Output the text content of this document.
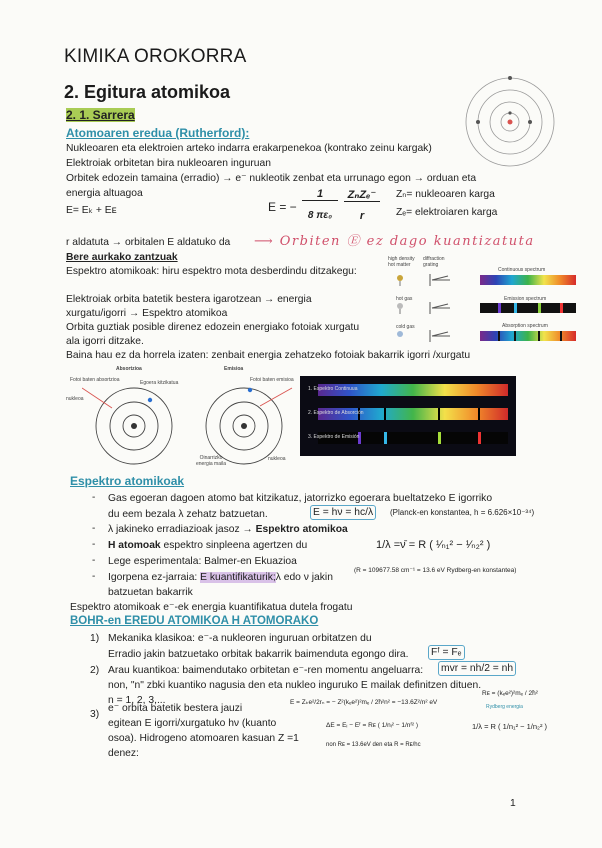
KIMIKA OROKORRA
2. Egitura atomikoa
2. 1. Sarrera
Atomoaren eredua (Rutherford):
Nukleoaren eta elektroien arteko indarra erakarpenekoa (kontrako zeinu kargak)
Elektroiak orbitetan bira nukleoaren inguruan
Orbitek edozein tamaina (erradio) → e⁻ nukleotik zenbat eta urrunago egon → orduan eta
energia altuagoa
E= Eₖ + Eᴇ	E = −
1
8 πε₀
ZₙZₑ⁻
r
Zₙ= nukleoaren karga
Zₑ= elektroiaren karga
r aldatuta → orbitalen E aldatuko da ⟶ Orbiten Ⓔ ez dago kuantizatuta
Bere aurkako zantzuak
Espektro atomikoak: hiru espektro mota desberdindu ditzakegu:
high density hot matter
diffraction grating
Continuous spectrum
hot gas	Emission spectrum
cold gas	Absorption spectrum
Elektroiak orbita batetik bestera igarotzean → energia
xurgatu/igorri → Espektro atomikoa
Orbita guztiak posible direnez edozein energiako fotoiak xurgatu
ala igorri ditzake.
Baina hau ez da horrela izaten: zenbait energia zehatzeko fotoiak bakarrik igorri /xurgatu
Absortzioa	Emisioa
Fotoi baten absortzioa	Egoera kitzikatua	Fotoi baten emisioa
nukleoa
Oinarrizko energia maila
nukleoa
1. Espektro Continuua
2. Espektro de Absorción
3. Espektro de Emisión
Espektro atomikoak
- Gas egoeran dagoen atomo bat kitzikatuz, jatorrizko egoerara bueltatzeko E igorriko
du eem bezala λ zehatz batzuetan.	E = hν = hc/λ	(Planck-en konstantea, h = 6.626×10⁻³⁴)
- λ jakineko erradiazioak jasoz → Espektro atomikoa
- H atomoak espektro sinpleena agertzen du	1/λ =ν̄ = R ( ¹⁄ₙ₁² − ¹⁄ₙ₂² )
- Lege esperimentala: Balmer-en Ekuazioa
- Igorpena ez-jarraia: E kuantifikaturik;λ edo ν jakin
(R = 109677.58 cm⁻¹ = 13.6 eV Rydberg-en konstantea)
batzuetan bakarrik
Espektro atomikoak e⁻-ek energia kuantifikatua dutela frogatu
BOHR-en EREDU ATOMIKOA H ATOMORAKO
1) Mekanika klasikoa: e⁻-a nukleoren inguruan orbitatzen du
Erradio jakin batzuetako orbitak bakarrik baimenduta egongo dira. Fᶠ = Fₑ
2) Arau kuantikoa: baimendutako orbitetan e⁻-ren momentu angeluarra: mvr = nh/2 = nh
non, "n" zbki kuantiko nagusia den eta nukleo inguruko E mailak definitzen dituen.
n = 1, 2, 3,...
3)
e⁻ orbita batetik bestera jauzi
egitean E igorri/xurgatuko hν (kuanto
osoa). Hidrogeno atomoaren kasuan Z =1
denez:
E = Zₖe²/2rₙ = − Z²(kₑe²)²mₑ / 2ħ²n² = −13.6Z²/n² eV
Rᴇ = (kₑe²)²mₑ / 2ħ²
Rydberg energia
ΔE = Eᵢ − Eᶠ = Rᴇ ( 1/nᵢ² − 1/nᶠ² )	1/λ = R ( 1/n₁² − 1/n₂² )
non Rᴇ = 13.6eV den eta R = Rᴇ/hc
1
